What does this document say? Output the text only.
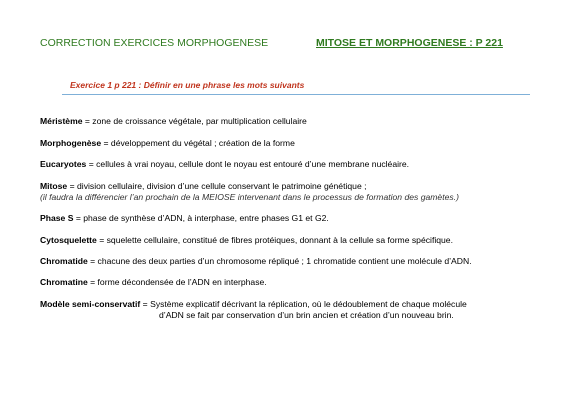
CORRECTION EXERCICES MORPHOGENESE	MITOSE ET MORPHOGENESE : P 221
Exercice 1 p 221 : Définir en une phrase les mots suivants
Méristème = zone de croissance végétale, par multiplication cellulaire
Morphogenèse = développement du végétal ; création de la forme
Eucaryotes = cellules à vrai noyau, cellule dont le noyau est entouré d’une membrane nucléaire.
Mitose = division cellulaire, division d’une cellule conservant le patrimoine génétique ;
(il faudra la différencier l’an prochain de la MEIOSE intervenant dans le processus de formation des gamètes.)
Phase S = phase de synthèse d’ADN, à interphase, entre phases G1 et G2.
Cytosquelette = squelette cellulaire, constitué de fibres protéiques, donnant à la cellule sa forme spécifique.
Chromatide = chacune des deux parties d’un chromosome répliqué ; 1 chromatide contient une molécule d’ADN.
Chromatine = forme décondensée de l’ADN en interphase.
Modèle semi-conservatif = Système explicatif décrivant la réplication, où le dédoublement de chaque molécule
d’ADN se fait par conservation d’un brin ancien et création d’un nouveau brin.
